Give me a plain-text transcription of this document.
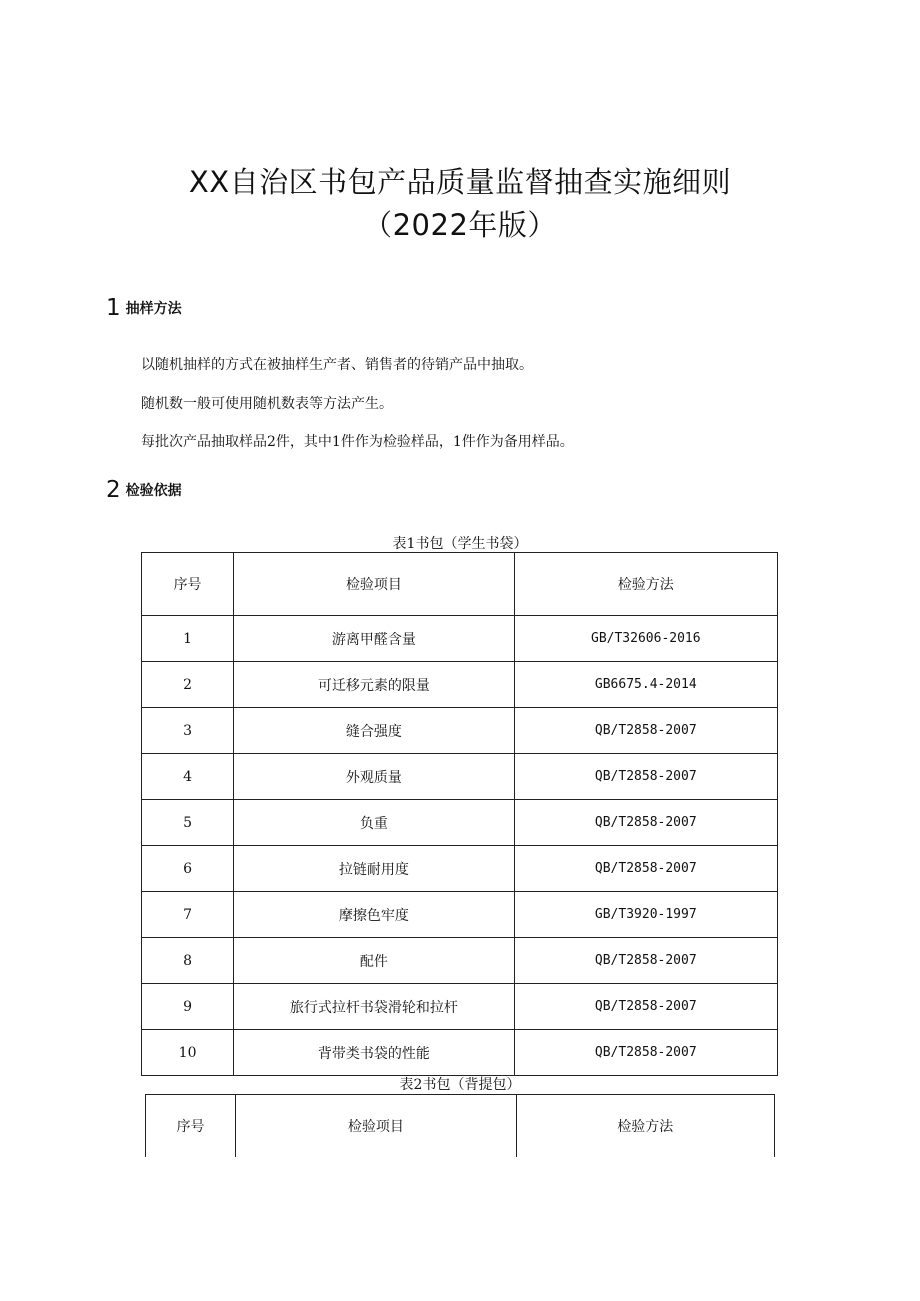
XX自治区书包产品质量监督抽查实施细则
（2022年版）
1 抽样方法
以随机抽样的方式在被抽样生产者、销售者的待销产品中抽取。
随机数一般可使用随机数表等方法产生。
每批次产品抽取样品2件，其中1件作为检验样品，1件作为备用样品。
2 检验依据
表1书包（学生书袋）
序号	检验项目	检验方法
1	游离甲醛含量	GB/T32606-2016
2	可迁移元素的限量	GB6675.4-2014
3	缝合强度	QB/T2858-2007
4	外观质量	QB/T2858-2007
5	负重	QB/T2858-2007
6	拉链耐用度	QB/T2858-2007
7	摩擦色牢度	GB/T3920-1997
8	配件	QB/T2858-2007
9	旅行式拉杆书袋滑轮和拉杆	QB/T2858-2007
10	背带类书袋的性能	QB/T2858-2007
表2书包（背提包）
序号	检验项目	检验方法
